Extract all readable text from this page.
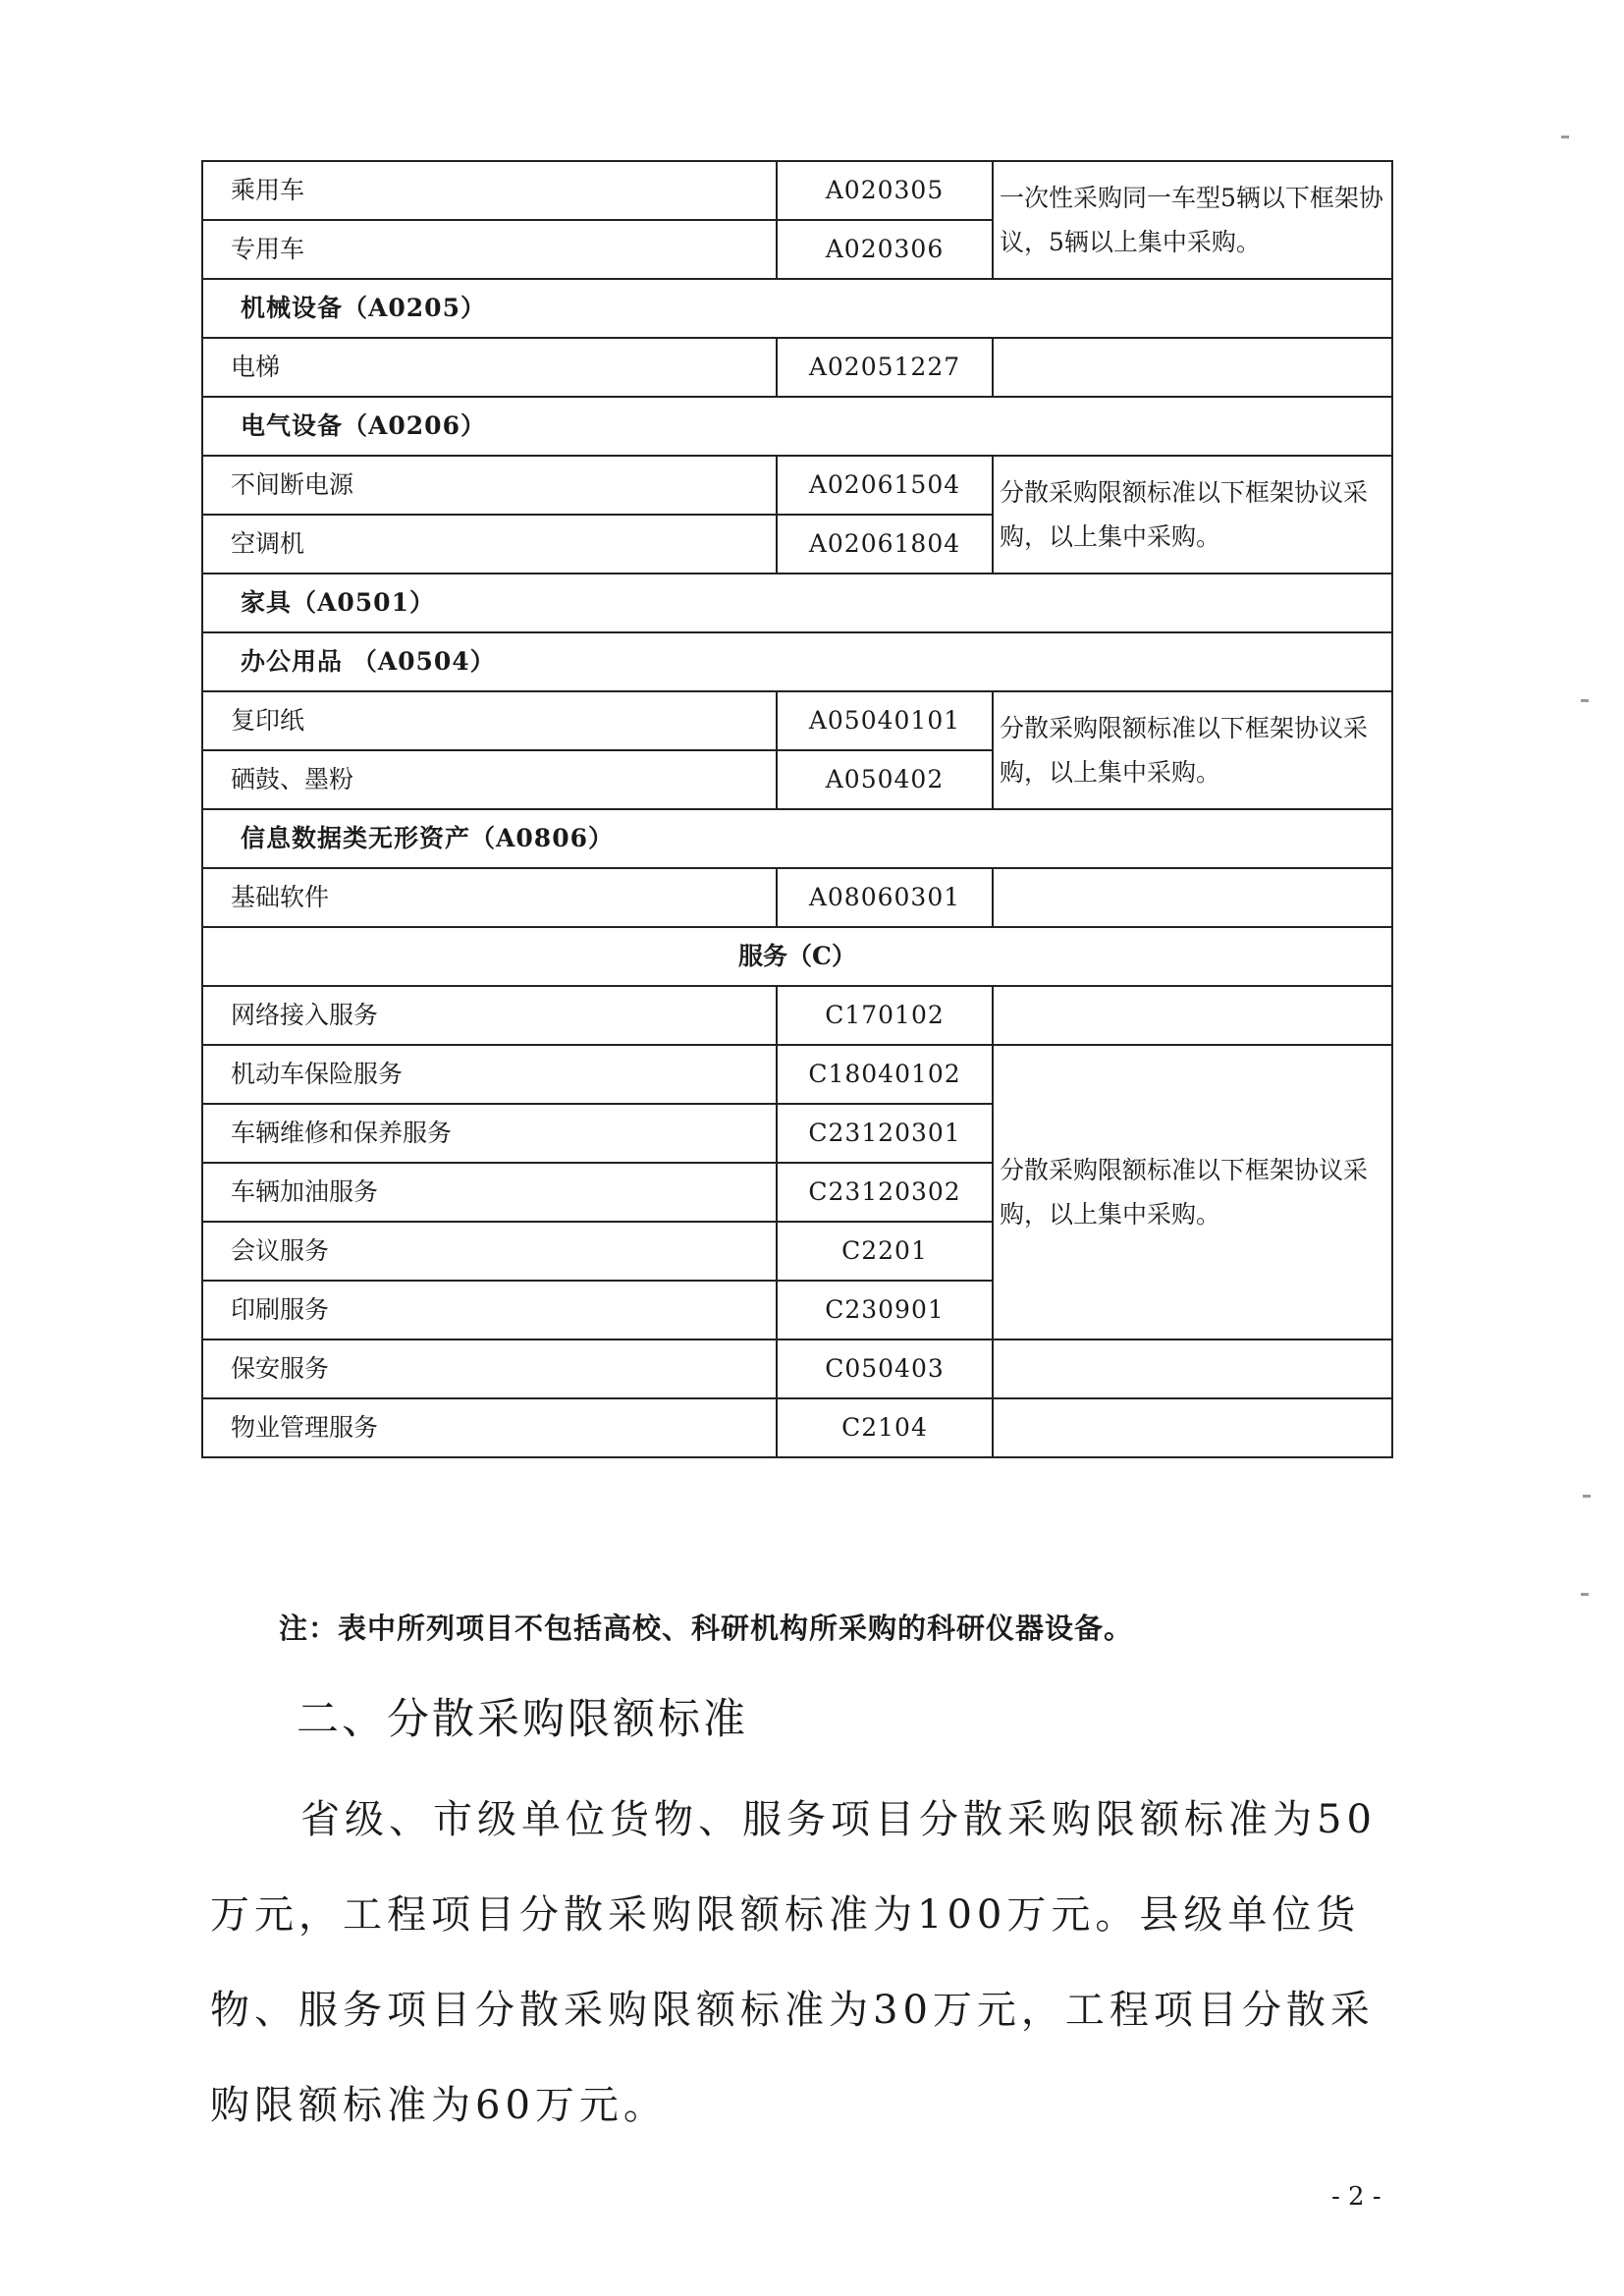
乘用车	A020305	一次性采购同一车型5辆以下框架协议，5辆以上集中采购。
专用车	A020306	
机械设备（A0205）		
电梯	A02051227	
电气设备（A0206）		
不间断电源	A02061504	分散采购限额标准以下框架协议采购，以上集中采购。
空调机	A02061804	
家具（A0501）		
办公用品 （A0504）		
复印纸	A05040101	分散采购限额标准以下框架协议采购，以上集中采购。
硒鼓、墨粉	A050402	
信息数据类无形资产（A0806）		
基础软件	A08060301	
服务（C）		
网络接入服务	C170102	
机动车保险服务	C18040102	分散采购限额标准以下框架协议采购，以上集中采购。
车辆维修和保养服务	C23120301	
车辆加油服务	C23120302	
会议服务	C2201	
印刷服务	C230901	
保安服务	C050403	
物业管理服务	C2104	
注：表中所列项目不包括高校、科研机构所采购的科研仪器设备。
二、分散采购限额标准
省级、市级单位货物、服务项目分散采购限额标准为50万元，工程项目分散采购限额标准为100万元。县级单位货物、服务项目分散采购限额标准为30万元，工程项目分散采购限额标准为60万元。
- 2 -
